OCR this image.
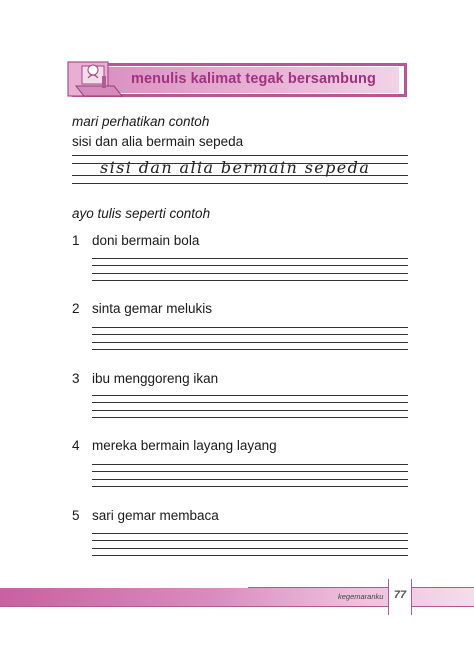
menulis kalimat tegak bersambung
mari perhatikan contoh
sisi dan alia bermain sepeda
sisi dan alia bermain sepeda
ayo tulis seperti contoh
1 doni bermain bola
2 sinta gemar melukis
3 ibu menggoreng ikan
4 mereka bermain layang layang
5 sari gemar membaca
kegemaranku 77
